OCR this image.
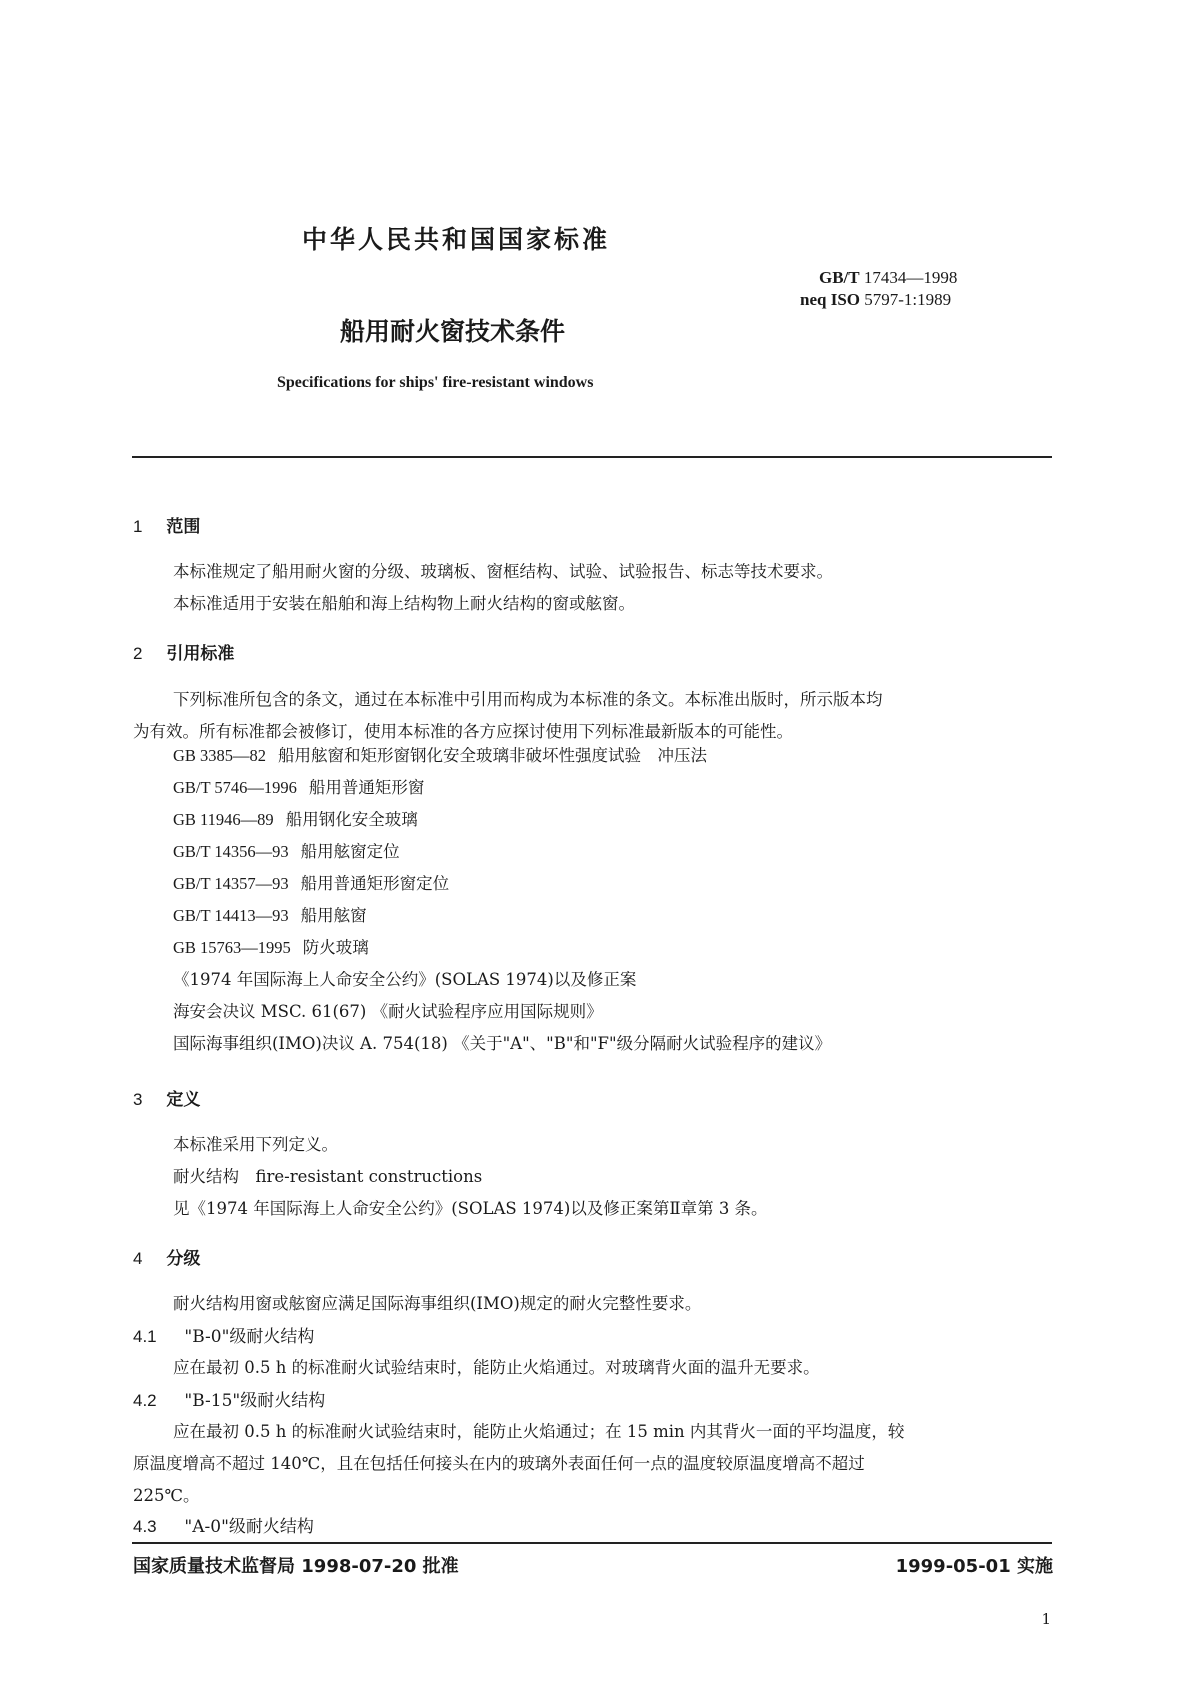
中华人民共和国国家标准
GB/T 17434—1998
neq ISO 5797-1:1989
船用耐火窗技术条件
Specifications for ships' fire-resistant windows
1 范围
本标准规定了船用耐火窗的分级、玻璃板、窗框结构、试验、试验报告、标志等技术要求。
本标准适用于安装在船舶和海上结构物上耐火结构的窗或舷窗。
2 引用标准
下列标准所包含的条文，通过在本标准中引用而构成为本标准的条文。本标准出版时，所示版本均
为有效。所有标准都会被修订，使用本标准的各方应探讨使用下列标准最新版本的可能性。
GB 3385—82 船用舷窗和矩形窗钢化安全玻璃非破坏性强度试验　冲压法
GB/T 5746—1996 船用普通矩形窗
GB 11946—89 船用钢化安全玻璃
GB/T 14356—93 船用舷窗定位
GB/T 14357—93 船用普通矩形窗定位
GB/T 14413—93 船用舷窗
GB 15763—1995 防火玻璃
《1974 年国际海上人命安全公约》(SOLAS 1974)以及修正案
海安会决议 MSC. 61(67) 《耐火试验程序应用国际规则》
国际海事组织(IMO)决议 A. 754(18) 《关于"A"、"B"和"F"级分隔耐火试验程序的建议》
3 定义
本标准采用下列定义。
耐火结构　fire-resistant constructions
见《1974 年国际海上人命安全公约》(SOLAS 1974)以及修正案第Ⅱ章第 3 条。
4 分级
耐火结构用窗或舷窗应满足国际海事组织(IMO)规定的耐火完整性要求。
4.1 "B-0"级耐火结构
应在最初 0.5 h 的标准耐火试验结束时，能防止火焰通过。对玻璃背火面的温升无要求。
4.2 "B-15"级耐火结构
应在最初 0.5 h 的标准耐火试验结束时，能防止火焰通过；在 15 min 内其背火一面的平均温度，较
原温度增高不超过 140℃，且在包括任何接头在内的玻璃外表面任何一点的温度较原温度增高不超过
225℃。
4.3 "A-0"级耐火结构
国家质量技术监督局 1998-07-20 批准	1999-05-01 实施
1
